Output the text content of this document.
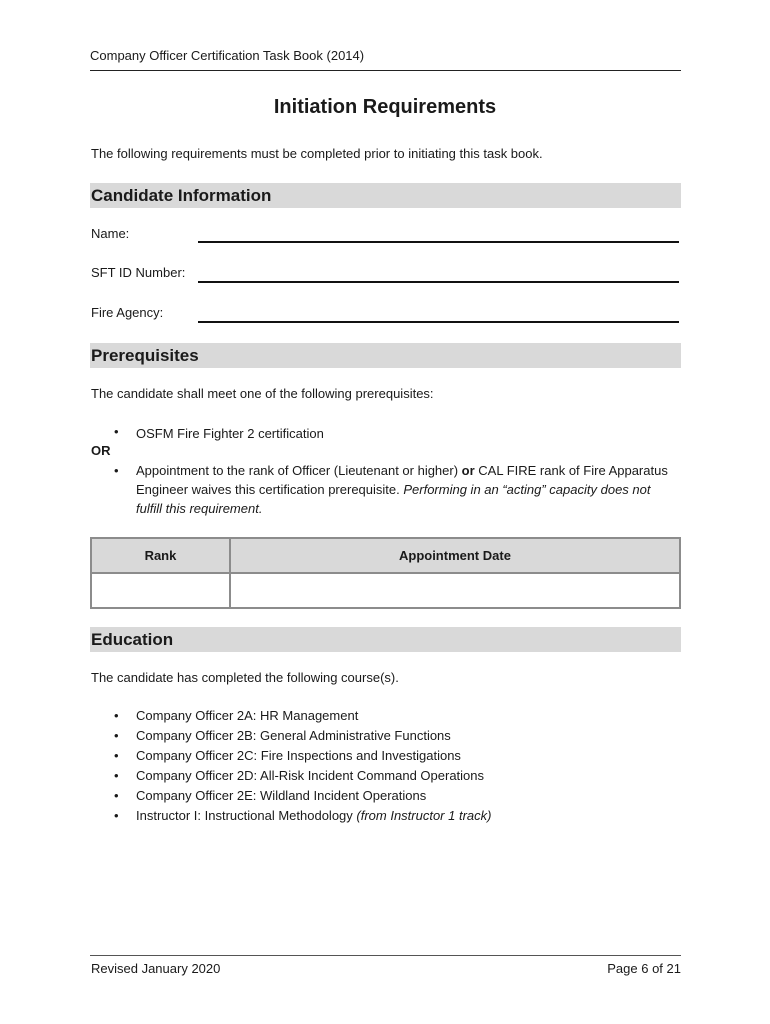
Company Officer Certification Task Book (2014)
Initiation Requirements
The following requirements must be completed prior to initiating this task book.
Candidate Information
Name:
SFT ID Number:
Fire Agency:
Prerequisites
The candidate shall meet one of the following prerequisites:
• OSFM Fire Fighter 2 certification
OR
• Appointment to the rank of Officer (Lieutenant or higher) or CAL FIRE rank of Fire Apparatus Engineer waives this certification prerequisite. Performing in an “acting” capacity does not fulfill this requirement.
Rank	Appointment Date

Education
The candidate has completed the following course(s).
• Company Officer 2A: HR Management
• Company Officer 2B: General Administrative Functions
• Company Officer 2C: Fire Inspections and Investigations
• Company Officer 2D: All-Risk Incident Command Operations
• Company Officer 2E: Wildland Incident Operations
• Instructor I: Instructional Methodology (from Instructor 1 track)
Revised January 2020	Page 6 of 21
